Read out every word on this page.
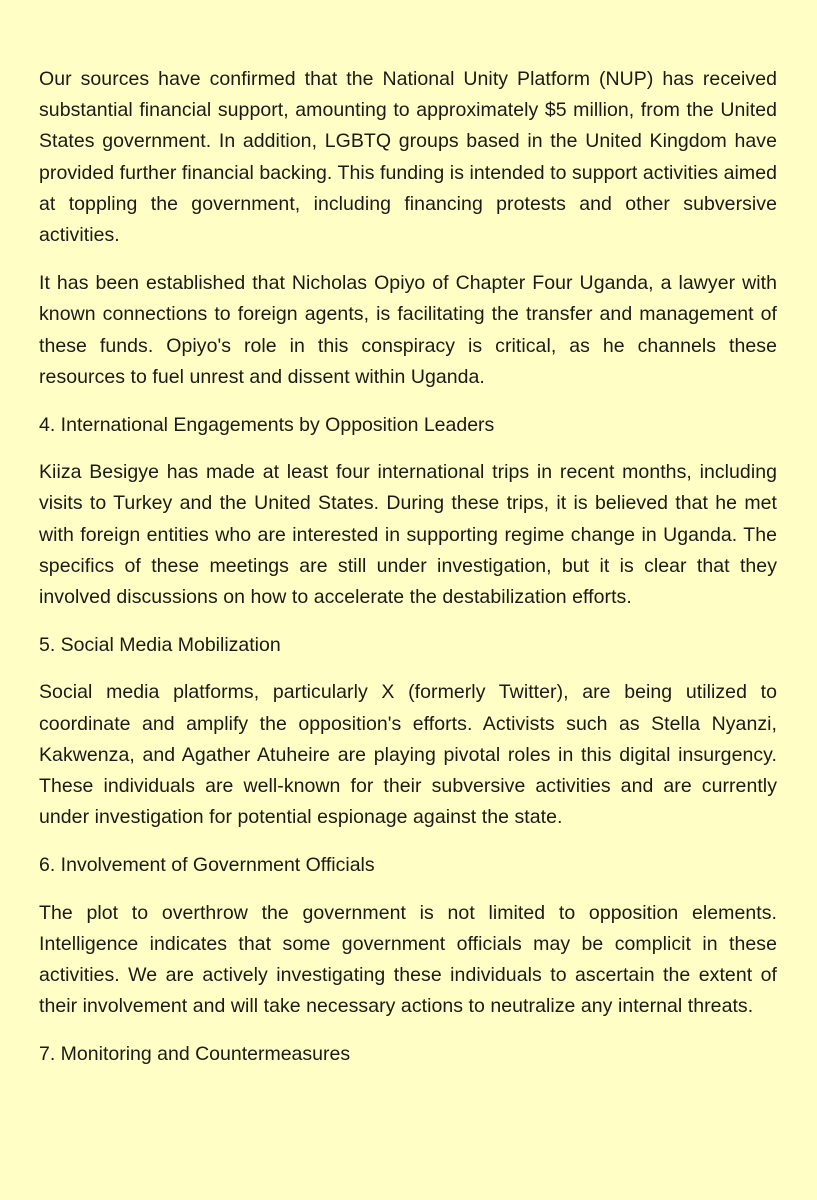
Our sources have confirmed that the National Unity Platform (NUP) has received substantial financial support, amounting to approximately $5 million, from the United States government. In addition, LGBTQ groups based in the United Kingdom have provided further financial backing. This funding is intended to support activities aimed at toppling the government, including financing protests and other subversive activities.

It has been established that Nicholas Opiyo of Chapter Four Uganda, a lawyer with known connections to foreign agents, is facilitating the transfer and management of these funds. Opiyo's role in this conspiracy is critical, as he channels these resources to fuel unrest and dissent within Uganda.

4. International Engagements by Opposition Leaders

Kiiza Besigye has made at least four international trips in recent months, including visits to Turkey and the United States. During these trips, it is believed that he met with foreign entities who are interested in supporting regime change in Uganda. The specifics of these meetings are still under investigation, but it is clear that they involved discussions on how to accelerate the destabilization efforts.

5. Social Media Mobilization

Social media platforms, particularly X (formerly Twitter), are being utilized to coordinate and amplify the opposition's efforts. Activists such as Stella Nyanzi, Kakwenza, and Agather Atuheire are playing pivotal roles in this digital insurgency. These individuals are well-known for their subversive activities and are currently under investigation for potential espionage against the state.

6. Involvement of Government Officials

The plot to overthrow the government is not limited to opposition elements. Intelligence indicates that some government officials may be complicit in these activities. We are actively investigating these individuals to ascertain the extent of their involvement and will take necessary actions to neutralize any internal threats.

7. Monitoring and Countermeasures
